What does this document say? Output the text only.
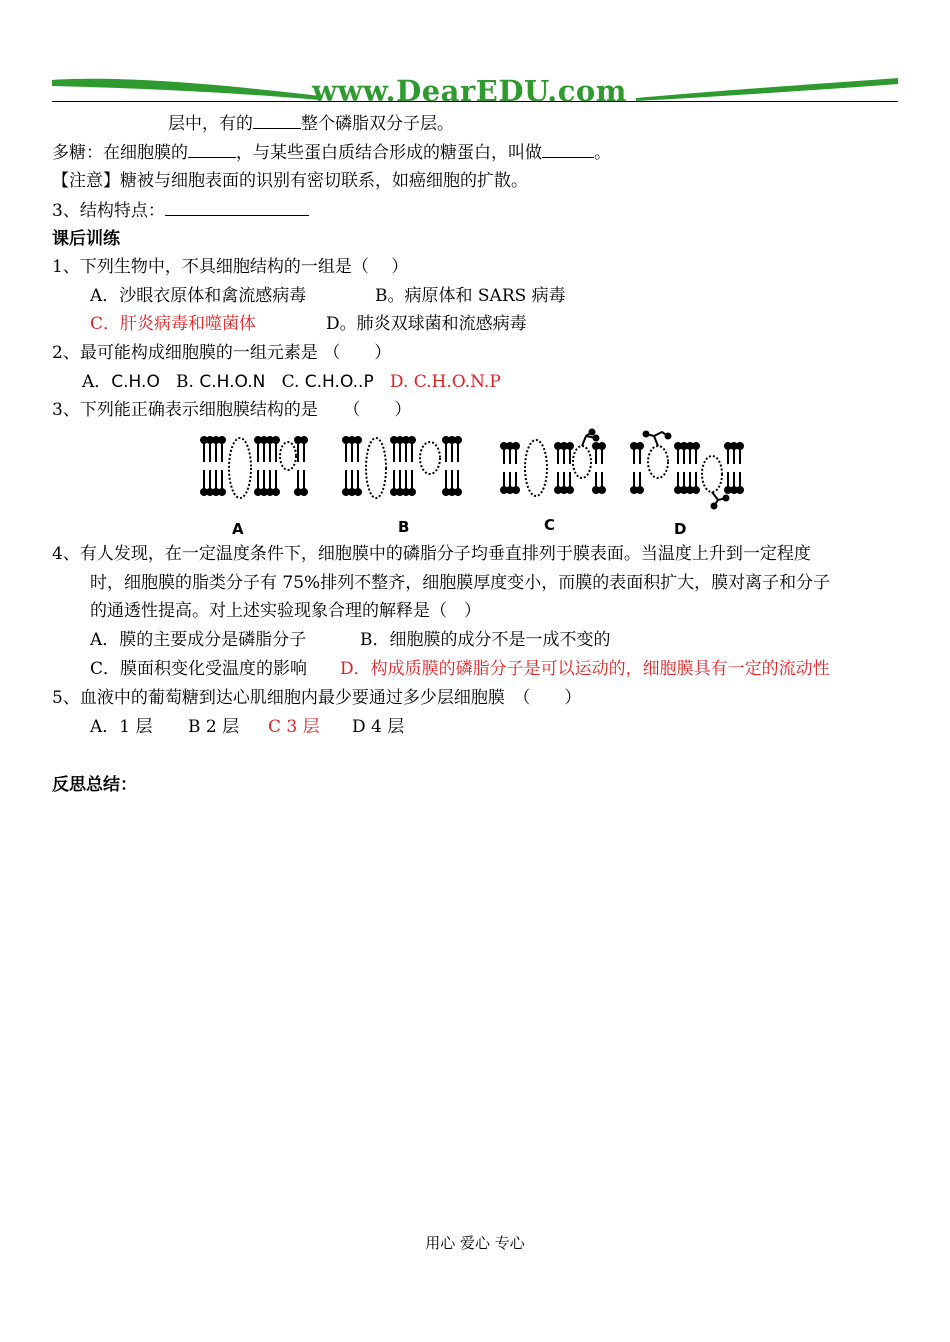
www.DearEDU.com
层中，有的	整个磷脂双分子层。
多糖：在细胞膜的	，与某些蛋白质结合形成的糖蛋白，叫做	。
【注意】糖被与细胞表面的识别有密切联系，如癌细胞的扩散。
3、结构特点：
课后训练
1、下列生物中，不具细胞结构的一组是（　 ）
A．沙眼衣原体和禽流感病毒	B。病原体和 SARS 病毒
C．肝炎病毒和噬菌体	D。肺炎双球菌和流感病毒
2、最可能构成细胞膜的一组元素是 （　　）
A．C.H.O B. C.H.O.N C. C.H.O..P D. C.H.O.N.P
3、下列能正确表示细胞膜结构的是　　（　　）
A	B	C	D
4、有人发现，在一定温度条件下，细胞膜中的磷脂分子均垂直排列于膜表面。当温度上升到一定程度
时，细胞膜的脂类分子有 75%排列不整齐，细胞膜厚度变小，而膜的表面积扩大，膜对离子和分子
的通透性提高。对上述实验现象合理的解释是（　）
A．膜的主要成分是磷脂分子	B．细胞膜的成分不是一成不变的
C．膜面积变化受温度的影响 D．构成质膜的磷脂分子是可以运动的，细胞膜具有一定的流动性
5、血液中的葡萄糖到达心肌细胞内最少要通过多少层细胞膜　（　　）
A．1 层 B 2 层 C 3 层 D 4 层
反思总结：
用心 爱心 专心
